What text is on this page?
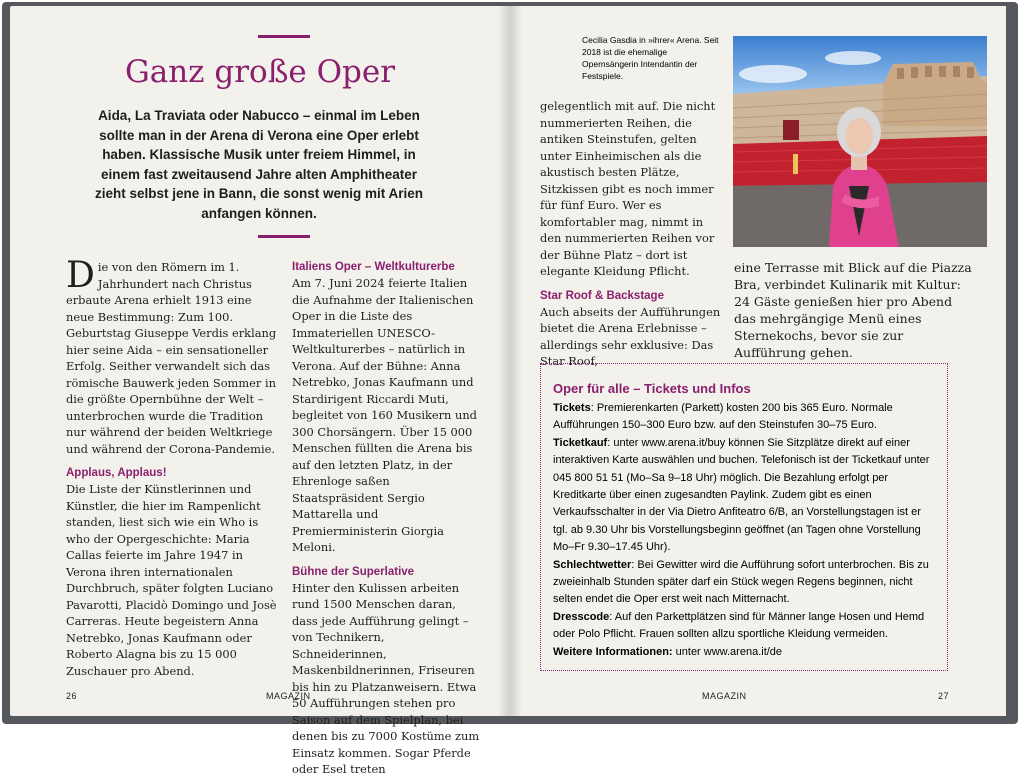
Ganz große Oper
Aida, La Traviata oder Nabucco – einmal im Leben sollte man in der Arena di Verona eine Oper erlebt haben. Klassische Musik unter freiem Himmel, in einem fast zweitausend Jahre alten Amphitheater zieht selbst jene in Bann, die sonst wenig mit Arien anfangen können.

Die von den Römern im 1. Jahrhundert nach Christus erbaute Arena erhielt 1913 eine neue Bestimmung: Zum 100. Geburtstag Giuseppe Verdis erklang hier seine Aida – ein sensationeller Erfolg. Seither verwandelt sich das römische Bauwerk jeden Sommer in die größte Opernbühne der Welt – unterbrochen wurde die Tradition nur während der beiden Weltkriege und während der Corona-Pandemie.

Applaus, Applaus!

Die Liste der Künstlerinnen und Künstler, die hier im Rampenlicht standen, liest sich wie ein Who is who der Opergeschichte: Maria Callas feierte im Jahre 1947 in Verona ihren internationalen Durchbruch, später folgten Luciano Pavarotti, Placidò Domingo und Josè Carreras. Heute begeistern Anna Netrebko, Jonas Kaufmann oder Roberto Alagna bis zu 15 000 Zuschauer pro Abend.

Italiens Oper – Weltkulturerbe

Am 7. Juni 2024 feierte Italien die Aufnahme der Italienischen Oper in die Liste des Immateriellen UNESCO-Weltkulturerbes – natürlich in Verona. Auf der Bühne: Anna Netrebko, Jonas Kaufmann und Stardirigent Riccardi Muti, begleitet von 160 Musikern und 300 Chorsängern. Über 15 000 Menschen füllten die Arena bis auf den letzten Platz, in der Ehrenloge saßen Staatspräsident Sergio Mattarella und Premierministerin Giorgia Meloni.

Bühne der Superlative

Hinter den Kulissen arbeiten rund 1500 Menschen daran, dass jede Aufführung gelingt – von Technikern, Schneiderinnen, Maskenbildnerinnen, Friseuren bis hin zu Platzanweisern. Etwa 50 Aufführungen stehen pro Saison auf dem Spielplan, bei denen bis zu 7000 Kostüme zum Einsatz kommen. Sogar Pferde oder Esel treten

26	MAGAZIN

gelegentlich mit auf. Die nicht nummerierten Reihen, die antiken Steinstufen, gelten unter Einheimischen als die akustisch besten Plätze, Sitzkissen gibt es noch immer für fünf Euro. Wer es komfortabler mag, nimmt in den nummerierten Reihen vor der Bühne Platz – dort ist elegante Kleidung Pflicht.

Star Roof & Backstage

Auch abseits der Aufführungen bietet die Arena Erlebnisse – allerdings sehr exklusive: Das Star Roof,

eine Terrasse mit Blick auf die Piazza Bra, verbindet Kulinarik mit Kultur: 24 Gäste genießen hier pro Abend das mehrgängige Menü eines Sternekochs, bevor sie zur Aufführung gehen.

MAGAZIN	27
Cecilia Gasdia in »ihrer« Arena. Seit 2018 ist die ehemalige Opernsängerin Intendantin der Festspiele.
Oper für alle – Tickets und Infos

Tickets: Premierenkarten (Parkett) kosten 200 bis 365 Euro. Normale Aufführungen 150–300 Euro bzw. auf den Steinstufen 30–75 Euro.

Ticketkauf: unter www.arena.it/buy können Sie Sitzplätze direkt auf einer interaktiven Karte auswählen und buchen. Telefonisch ist der Ticketkauf unter 045 800 51 51 (Mo–Sa 9–18 Uhr) möglich. Die Bezahlung erfolgt per Kreditkarte über einen zugesandten Paylink. Zudem gibt es einen Verkaufsschalter in der Via Dietro Anfiteatro 6/B, an Vorstellungstagen ist er tgl. ab 9.30 Uhr bis Vorstellungsbeginn geöffnet (an Tagen ohne Vorstellung Mo–Fr 9.30–17.45 Uhr).

Schlechtwetter: Bei Gewitter wird die Aufführung sofort unterbrochen. Bis zu zweieinhalb Stunden später darf ein Stück wegen Regens beginnen, nicht selten endet die Oper erst weit nach Mitternacht.

Dresscode: Auf den Parkettplätzen sind für Männer lange Hosen und Hemd oder Polo Pflicht. Frauen sollten allzu sportliche Kleidung vermeiden.

Weitere Informationen: unter www.arena.it/de
